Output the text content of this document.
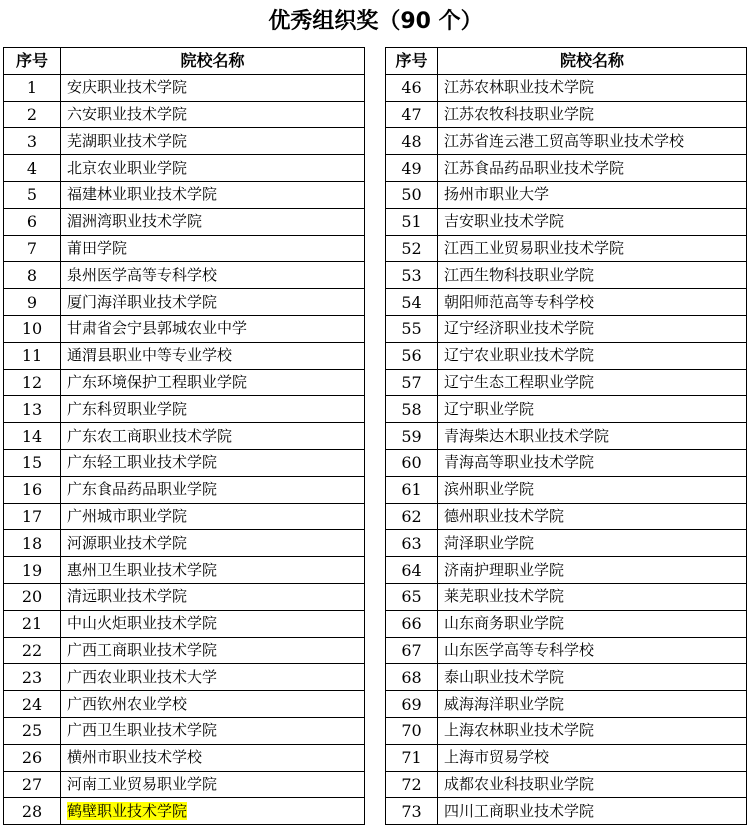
优秀组织奖（90 个）
序号	院校名称
1	安庆职业技术学院
2	六安职业技术学院
3	芜湖职业技术学院
4	北京农业职业学院
5	福建林业职业技术学院
6	湄洲湾职业技术学院
7	莆田学院
8	泉州医学高等专科学校
9	厦门海洋职业技术学院
10	甘肃省会宁县郭城农业中学
11	通渭县职业中等专业学校
12	广东环境保护工程职业学院
13	广东科贸职业学院
14	广东农工商职业技术学院
15	广东轻工职业技术学院
16	广东食品药品职业学院
17	广州城市职业学院
18	河源职业技术学院
19	惠州卫生职业技术学院
20	清远职业技术学院
21	中山火炬职业技术学院
22	广西工商职业技术学院
23	广西农业职业技术大学
24	广西钦州农业学校
25	广西卫生职业技术学院
26	横州市职业技术学校
27	河南工业贸易职业学院
28	鹤壁职业技术学院
序号	院校名称
46	江苏农林职业技术学院
47	江苏农牧科技职业学院
48	江苏省连云港工贸高等职业技术学校
49	江苏食品药品职业技术学院
50	扬州市职业大学
51	吉安职业技术学院
52	江西工业贸易职业技术学院
53	江西生物科技职业学院
54	朝阳师范高等专科学校
55	辽宁经济职业技术学院
56	辽宁农业职业技术学院
57	辽宁生态工程职业学院
58	辽宁职业学院
59	青海柴达木职业技术学院
60	青海高等职业技术学院
61	滨州职业学院
62	德州职业技术学院
63	菏泽职业学院
64	济南护理职业学院
65	莱芜职业技术学院
66	山东商务职业学院
67	山东医学高等专科学校
68	泰山职业技术学院
69	威海海洋职业学院
70	上海农林职业技术学院
71	上海市贸易学校
72	成都农业科技职业学院
73	四川工商职业技术学院
